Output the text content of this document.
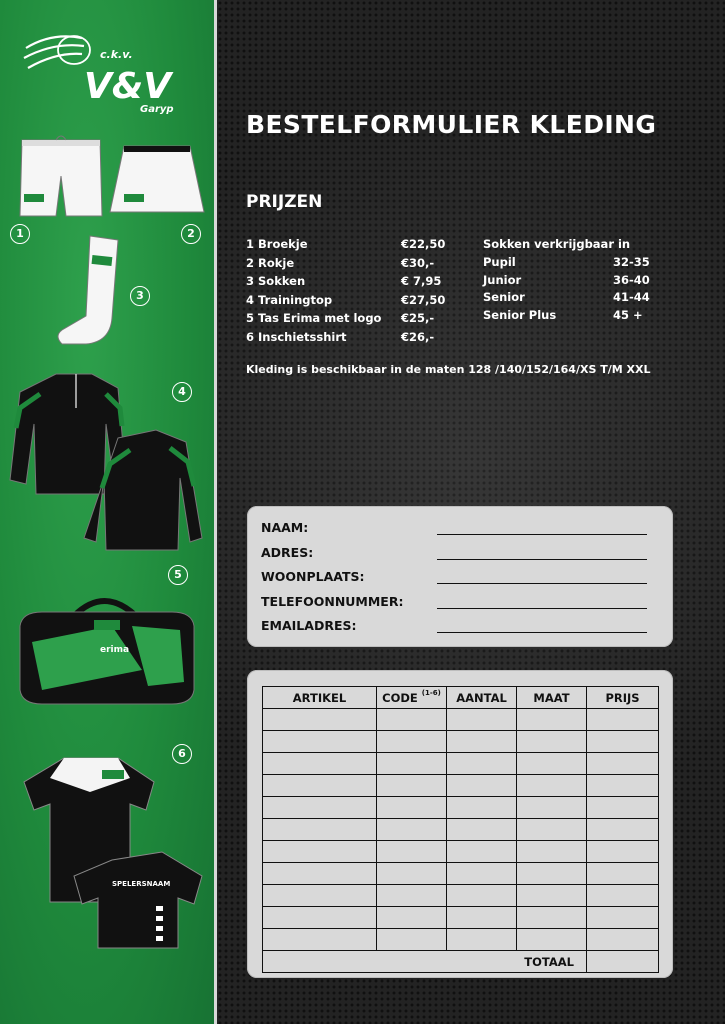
c.k.v.
V&V
Garyp
1	2
3
4
5
erima
6
SPELERSNAAM
BESTELFORMULIER KLEDING
PRIJZEN
1 Broekje	€22,50
2 Rokje	€30,-
3 Sokken	€ 7,95
4 Trainingtop	€27,50
5 Tas Erima met logo €25,-
6 Inschietsshirt	€26,-
Sokken verkrijgbaar in
Pupil	32-35
Junior	36-40
Senior	41-44
Senior Plus	45 +
Kleding is beschikbaar in de maten 128 /140/152/164/XS T/M XXL
NAAM:
ADRES:
WOONPLAATS:
TELEFOONNUMMER:
EMAILADRES:
ARTIKEL	CODE $^{(1-6)}$	AANTAL	MAAT	PRIJS

			TOTAAL	
